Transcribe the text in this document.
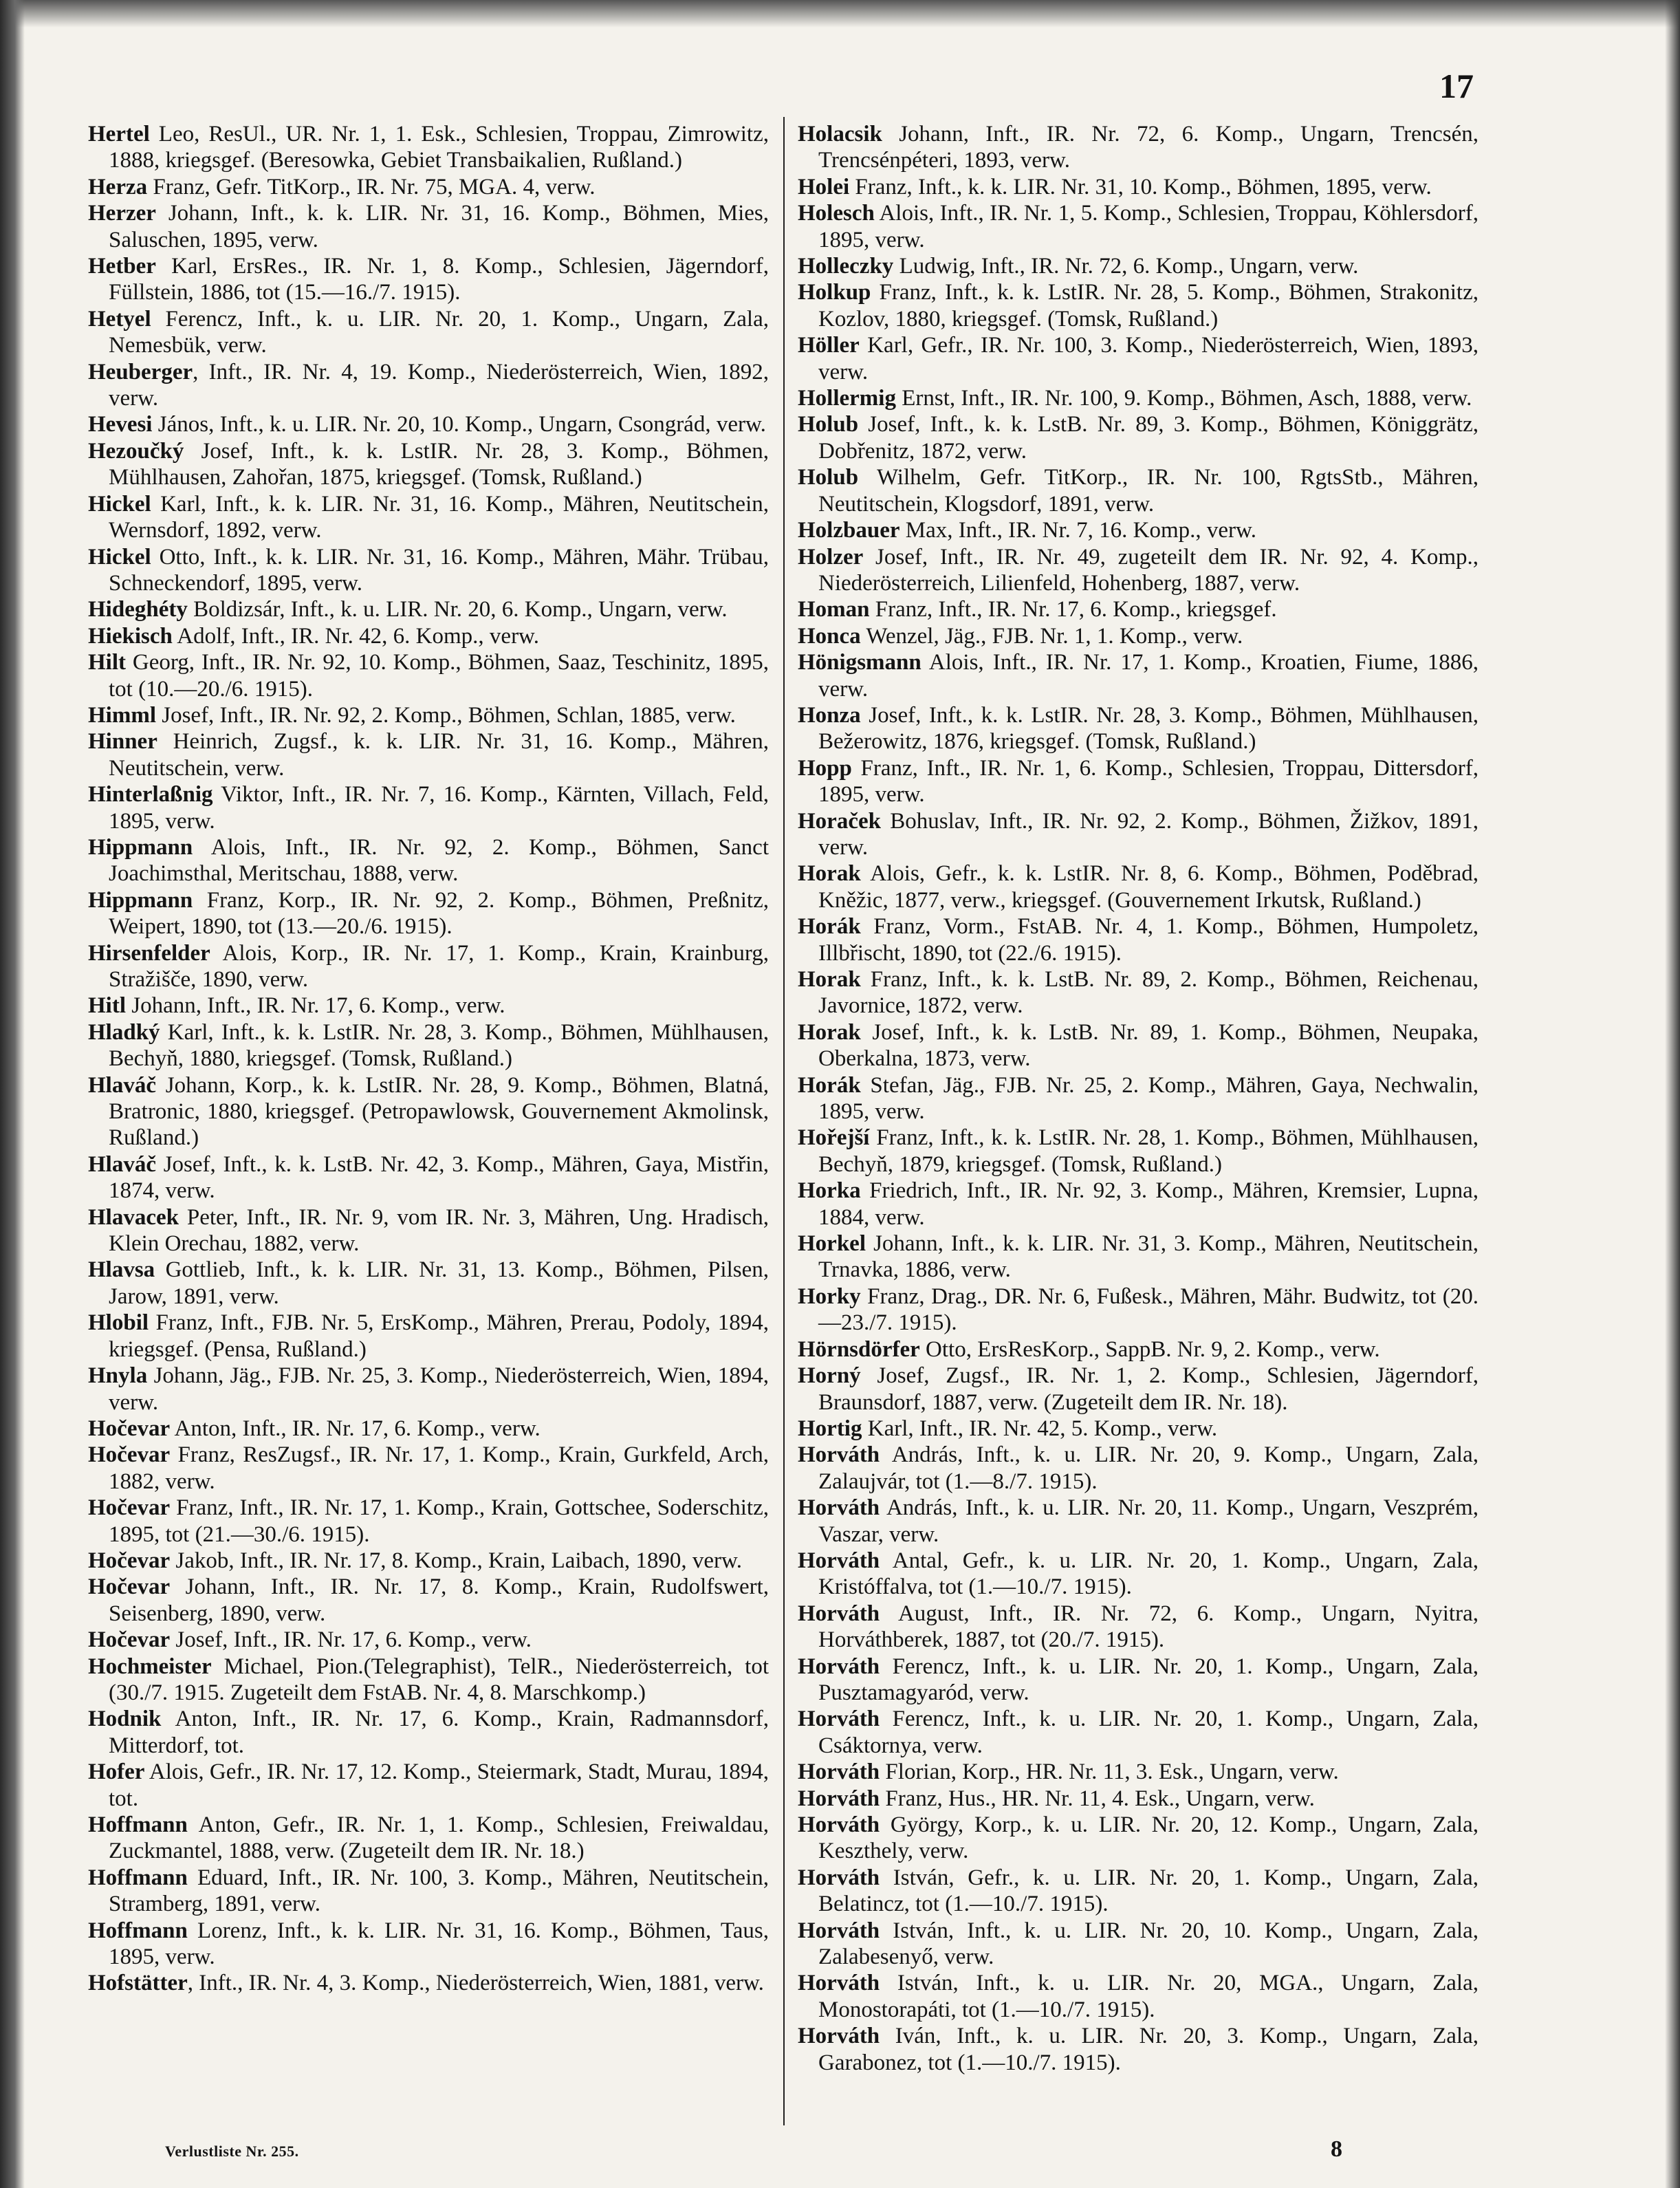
17
Hertel Leo, ResUl., UR. Nr. 1, 1. Esk., Schlesien, Troppau, Zimrowitz, 1888, kriegsgef. (Beresowka, Gebiet Transbaikalien, Rußland.)
Herza Franz, Gefr. TitKorp., IR. Nr. 75, MGA. 4, verw.
Herzer Johann, Inft., k. k. LIR. Nr. 31, 16. Komp., Böhmen, Mies, Saluschen, 1895, verw.
Hetber Karl, ErsRes., IR. Nr. 1, 8. Komp., Schlesien, Jägerndorf, Füllstein, 1886, tot (15.—16./7. 1915).
Hetyel Ferencz, Inft., k. u. LIR. Nr. 20, 1. Komp., Ungarn, Zala, Nemesbük, verw.
Heuberger, Inft., IR. Nr. 4, 19. Komp., Niederösterreich, Wien, 1892, verw.
Hevesi János, Inft., k. u. LIR. Nr. 20, 10. Komp., Ungarn, Csongrád, verw.
Hezoučký Josef, Inft., k. k. LstIR. Nr. 28, 3. Komp., Böhmen, Mühlhausen, Zahořan, 1875, kriegsgef. (Tomsk, Rußland.)
Hickel Karl, Inft., k. k. LIR. Nr. 31, 16. Komp., Mähren, Neutitschein, Wernsdorf, 1892, verw.
Hickel Otto, Inft., k. k. LIR. Nr. 31, 16. Komp., Mähren, Mähr. Trübau, Schneckendorf, 1895, verw.
Hideghéty Boldizsár, Inft., k. u. LIR. Nr. 20, 6. Komp., Ungarn, verw.
Hiekisch Adolf, Inft., IR. Nr. 42, 6. Komp., verw.
Hilt Georg, Inft., IR. Nr. 92, 10. Komp., Böhmen, Saaz, Teschinitz, 1895, tot (10.—20./6. 1915).
Himml Josef, Inft., IR. Nr. 92, 2. Komp., Böhmen, Schlan, 1885, verw.
Hinner Heinrich, Zugsf., k. k. LIR. Nr. 31, 16. Komp., Mähren, Neutitschein, verw.
Hinterlaßnig Viktor, Inft., IR. Nr. 7, 16. Komp., Kärnten, Villach, Feld, 1895, verw.
Hippmann Alois, Inft., IR. Nr. 92, 2. Komp., Böhmen, Sanct Joachimsthal, Meritschau, 1888, verw.
Hippmann Franz, Korp., IR. Nr. 92, 2. Komp., Böhmen, Preßnitz, Weipert, 1890, tot (13.—20./6. 1915).
Hirsenfelder Alois, Korp., IR. Nr. 17, 1. Komp., Krain, Krainburg, Stražišče, 1890, verw.
Hitl Johann, Inft., IR. Nr. 17, 6. Komp., verw.
Hladký Karl, Inft., k. k. LstIR. Nr. 28, 3. Komp., Böhmen, Mühlhausen, Bechyň, 1880, kriegsgef. (Tomsk, Rußland.)
Hlaváč Johann, Korp., k. k. LstIR. Nr. 28, 9. Komp., Böhmen, Blatná, Bratronic, 1880, kriegsgef. (Petropawlowsk, Gouvernement Akmolinsk, Rußland.)
Hlaváč Josef, Inft., k. k. LstB. Nr. 42, 3. Komp., Mähren, Gaya, Mistřin, 1874, verw.
Hlavacek Peter, Inft., IR. Nr. 9, vom IR. Nr. 3, Mähren, Ung. Hradisch, Klein Orechau, 1882, verw.
Hlavsa Gottlieb, Inft., k. k. LIR. Nr. 31, 13. Komp., Böhmen, Pilsen, Jarow, 1891, verw.
Hlobil Franz, Inft., FJB. Nr. 5, ErsKomp., Mähren, Prerau, Podoly, 1894, kriegsgef. (Pensa, Rußland.)
Hnyla Johann, Jäg., FJB. Nr. 25, 3. Komp., Niederösterreich, Wien, 1894, verw.
Hočevar Anton, Inft., IR. Nr. 17, 6. Komp., verw.
Hočevar Franz, ResZugsf., IR. Nr. 17, 1. Komp., Krain, Gurkfeld, Arch, 1882, verw.
Hočevar Franz, Inft., IR. Nr. 17, 1. Komp., Krain, Gottschee, Soderschitz, 1895, tot (21.—30./6. 1915).
Hočevar Jakob, Inft., IR. Nr. 17, 8. Komp., Krain, Laibach, 1890, verw.
Hočevar Johann, Inft., IR. Nr. 17, 8. Komp., Krain, Rudolfswert, Seisenberg, 1890, verw.
Hočevar Josef, Inft., IR. Nr. 17, 6. Komp., verw.
Hochmeister Michael, Pion.(Telegraphist), TelR., Niederösterreich, tot (30./7. 1915. Zugeteilt dem FstAB. Nr. 4, 8. Marschkomp.)
Hodnik Anton, Inft., IR. Nr. 17, 6. Komp., Krain, Radmannsdorf, Mitterdorf, tot.
Hofer Alois, Gefr., IR. Nr. 17, 12. Komp., Steiermark, Stadt, Murau, 1894, tot.
Hoffmann Anton, Gefr., IR. Nr. 1, 1. Komp., Schlesien, Freiwaldau, Zuckmantel, 1888, verw. (Zugeteilt dem IR. Nr. 18.)
Hoffmann Eduard, Inft., IR. Nr. 100, 3. Komp., Mähren, Neutitschein, Stramberg, 1891, verw.
Hoffmann Lorenz, Inft., k. k. LIR. Nr. 31, 16. Komp., Böhmen, Taus, 1895, verw.
Hofstätter, Inft., IR. Nr. 4, 3. Komp., Niederösterreich, Wien, 1881, verw.
Holacsik Johann, Inft., IR. Nr. 72, 6. Komp., Ungarn, Trencsén, Trencsénpéteri, 1893, verw.
Holei Franz, Inft., k. k. LIR. Nr. 31, 10. Komp., Böhmen, 1895, verw.
Holesch Alois, Inft., IR. Nr. 1, 5. Komp., Schlesien, Troppau, Köhlersdorf, 1895, verw.
Holleczky Ludwig, Inft., IR. Nr. 72, 6. Komp., Ungarn, verw.
Holkup Franz, Inft., k. k. LstIR. Nr. 28, 5. Komp., Böhmen, Strakonitz, Kozlov, 1880, kriegsgef. (Tomsk, Rußland.)
Höller Karl, Gefr., IR. Nr. 100, 3. Komp., Niederösterreich, Wien, 1893, verw.
Hollermig Ernst, Inft., IR. Nr. 100, 9. Komp., Böhmen, Asch, 1888, verw.
Holub Josef, Inft., k. k. LstB. Nr. 89, 3. Komp., Böhmen, Königgrätz, Dobřenitz, 1872, verw.
Holub Wilhelm, Gefr. TitKorp., IR. Nr. 100, RgtsStb., Mähren, Neutitschein, Klogsdorf, 1891, verw.
Holzbauer Max, Inft., IR. Nr. 7, 16. Komp., verw.
Holzer Josef, Inft., IR. Nr. 49, zugeteilt dem IR. Nr. 92, 4. Komp., Niederösterreich, Lilienfeld, Hohenberg, 1887, verw.
Homan Franz, Inft., IR. Nr. 17, 6. Komp., kriegsgef.
Honca Wenzel, Jäg., FJB. Nr. 1, 1. Komp., verw.
Hönigsmann Alois, Inft., IR. Nr. 17, 1. Komp., Kroatien, Fiume, 1886, verw.
Honza Josef, Inft., k. k. LstIR. Nr. 28, 3. Komp., Böhmen, Mühlhausen, Bežerowitz, 1876, kriegsgef. (Tomsk, Rußland.)
Hopp Franz, Inft., IR. Nr. 1, 6. Komp., Schlesien, Troppau, Dittersdorf, 1895, verw.
Horaček Bohuslav, Inft., IR. Nr. 92, 2. Komp., Böhmen, Žižkov, 1891, verw.
Horak Alois, Gefr., k. k. LstIR. Nr. 8, 6. Komp., Böhmen, Poděbrad, Kněžic, 1877, verw., kriegsgef. (Gouvernement Irkutsk, Rußland.)
Horák Franz, Vorm., FstAB. Nr. 4, 1. Komp., Böhmen, Humpoletz, Illbřischt, 1890, tot (22./6. 1915).
Horak Franz, Inft., k. k. LstB. Nr. 89, 2. Komp., Böhmen, Reichenau, Javornice, 1872, verw.
Horak Josef, Inft., k. k. LstB. Nr. 89, 1. Komp., Böhmen, Neupaka, Oberkalna, 1873, verw.
Horák Stefan, Jäg., FJB. Nr. 25, 2. Komp., Mähren, Gaya, Nechwalin, 1895, verw.
Hořejší Franz, Inft., k. k. LstIR. Nr. 28, 1. Komp., Böhmen, Mühlhausen, Bechyň, 1879, kriegsgef. (Tomsk, Rußland.)
Horka Friedrich, Inft., IR. Nr. 92, 3. Komp., Mähren, Kremsier, Lupna, 1884, verw.
Horkel Johann, Inft., k. k. LIR. Nr. 31, 3. Komp., Mähren, Neutitschein, Trnavka, 1886, verw.
Horky Franz, Drag., DR. Nr. 6, Fußesk., Mähren, Mähr. Budwitz, tot (20.—23./7. 1915).
Hörnsdörfer Otto, ErsResKorp., SappB. Nr. 9, 2. Komp., verw.
Horný Josef, Zugsf., IR. Nr. 1, 2. Komp., Schlesien, Jägerndorf, Braunsdorf, 1887, verw. (Zugeteilt dem IR. Nr. 18).
Hortig Karl, Inft., IR. Nr. 42, 5. Komp., verw.
Horváth András, Inft., k. u. LIR. Nr. 20, 9. Komp., Ungarn, Zala, Zalaujvár, tot (1.—8./7. 1915).
Horváth András, Inft., k. u. LIR. Nr. 20, 11. Komp., Ungarn, Veszprém, Vaszar, verw.
Horváth Antal, Gefr., k. u. LIR. Nr. 20, 1. Komp., Ungarn, Zala, Kristóffalva, tot (1.—10./7. 1915).
Horváth August, Inft., IR. Nr. 72, 6. Komp., Ungarn, Nyitra, Horváthberek, 1887, tot (20./7. 1915).
Horváth Ferencz, Inft., k. u. LIR. Nr. 20, 1. Komp., Ungarn, Zala, Pusztamagyaród, verw.
Horváth Ferencz, Inft., k. u. LIR. Nr. 20, 1. Komp., Ungarn, Zala, Csáktornya, verw.
Horváth Florian, Korp., HR. Nr. 11, 3. Esk., Ungarn, verw.
Horváth Franz, Hus., HR. Nr. 11, 4. Esk., Ungarn, verw.
Horváth György, Korp., k. u. LIR. Nr. 20, 12. Komp., Ungarn, Zala, Keszthely, verw.
Horváth István, Gefr., k. u. LIR. Nr. 20, 1. Komp., Ungarn, Zala, Belatincz, tot (1.—10./7. 1915).
Horváth István, Inft., k. u. LIR. Nr. 20, 10. Komp., Ungarn, Zala, Zalabesenyő, verw.
Horváth István, Inft., k. u. LIR. Nr. 20, MGA., Ungarn, Zala, Monostorapáti, tot (1.—10./7. 1915).
Horváth Iván, Inft., k. u. LIR. Nr. 20, 3. Komp., Ungarn, Zala, Garabonez, tot (1.—10./7. 1915).
Verlustliste Nr. 255.	8
